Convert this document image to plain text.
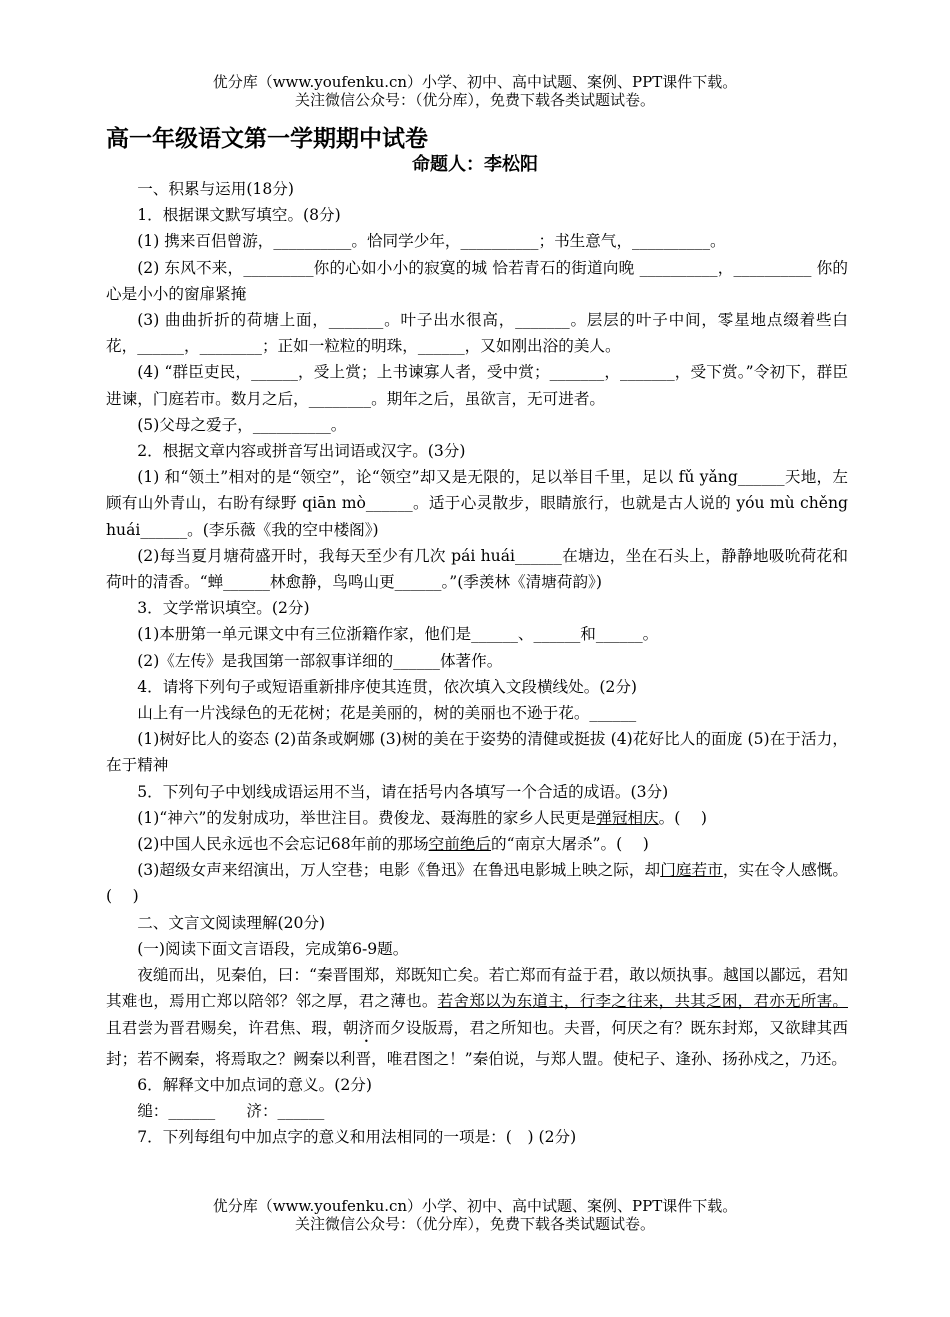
优分库（www.youfenku.cn）小学、初中、高中试题、案例、PPT课件下载。
关注微信公众号：（优分库），免费下载各类试题试卷。
高一年级语文第一学期期中试卷
命题人：李松阳

一、积累与运用(18分)

1．根据课文默写填空。(8分)

(1) 携来百侣曾游，__________。恰同学少年，__________；书生意气，__________。

(2) 东风不来，_________你的心如小小的寂寞的城 恰若青石的街道向晚 __________，__________ 你的心是小小的窗扉紧掩

(3) 曲曲折折的荷塘上面，_______。叶子出水很高，_______。层层的叶子中间，零星地点缀着些白花，______，________；正如一粒粒的明珠，______，又如刚出浴的美人。

(4) “群臣吏民，______，受上赏；上书谏寡人者，受中赏；_______，_______，受下赏。”令初下，群臣进谏，门庭若市。数月之后，________。期年之后，虽欲言，无可进者。

(5)父母之爱子，__________。

2．根据文章内容或拼音写出词语或汉字。(3分)

(1) 和“领土”相对的是“领空”，论“领空”却又是无限的，足以举目千里，足以 fǔ yǎng______天地，左顾有山外青山，右盼有绿野 qiān mò______。适于心灵散步，眼睛旅行，也就是古人说的 yóu mù chěng huái______。(李乐薇《我的空中楼阁》)

(2)每当夏月塘荷盛开时，我每天至少有几次 pái huái______在塘边，坐在石头上，静静地吸吮荷花和荷叶的清香。“蝉______林愈静，鸟鸣山更______。”(季羡林《清塘荷韵》)

3．文学常识填空。(2分)

(1)本册第一单元课文中有三位浙籍作家，他们是______、______和______。

(2)《左传》是我国第一部叙事详细的______体著作。

4．请将下列句子或短语重新排序使其连贯，依次填入文段横线处。(2分)

山上有一片浅绿色的无花树；花是美丽的，树的美丽也不逊于花。______

(1)树好比人的姿态 (2)苗条或婀娜 (3)树的美在于姿势的清健或挺拔 (4)花好比人的面庞 (5)在于活力，在于精神

5．下列句子中划线成语运用不当，请在括号内各填写一个合适的成语。(3分)

(1)“神六”的发射成功，举世注目。费俊龙、聂海胜的家乡人民更是弹冠相庆。(　 )

(2)中国人民永远也不会忘记68年前的那场空前绝后的“南京大屠杀”。(　 )

(3)超级女声来绍演出，万人空巷；电影《鲁迅》在鲁迅电影城上映之际，却门庭若市，实在令人感慨。(　 )

二、文言文阅读理解(20分)

(一)阅读下面文言语段，完成第6-9题。

夜缒而出，见秦伯，曰：“秦晋围郑，郑既知亡矣。若亡郑而有益于君，敢以烦执事。越国以鄙远，君知其难也，焉用亡郑以陪邻？邻之厚，君之薄也。若舍郑以为东道主，行李之往来，共其乏困，君亦无所害。且君尝为晋君赐矣，许君焦、瑕，朝济而夕设版焉，君之所知也。夫晋，何厌之有？既东封郑，又欲肆其西封；若不阙秦，将焉取之？阙秦以利晋，唯君图之！”秦伯说，与郑人盟。使杞子、逢孙、扬孙戍之，乃还。

6．解释文中加点词的意义。(2分)

缒：______　　济：______

7．下列每组句中加点字的意义和用法相同的一项是：(　) (2分)

优分库（www.youfenku.cn）小学、初中、高中试题、案例、PPT课件下载。
关注微信公众号：（优分库），免费下载各类试题试卷。
